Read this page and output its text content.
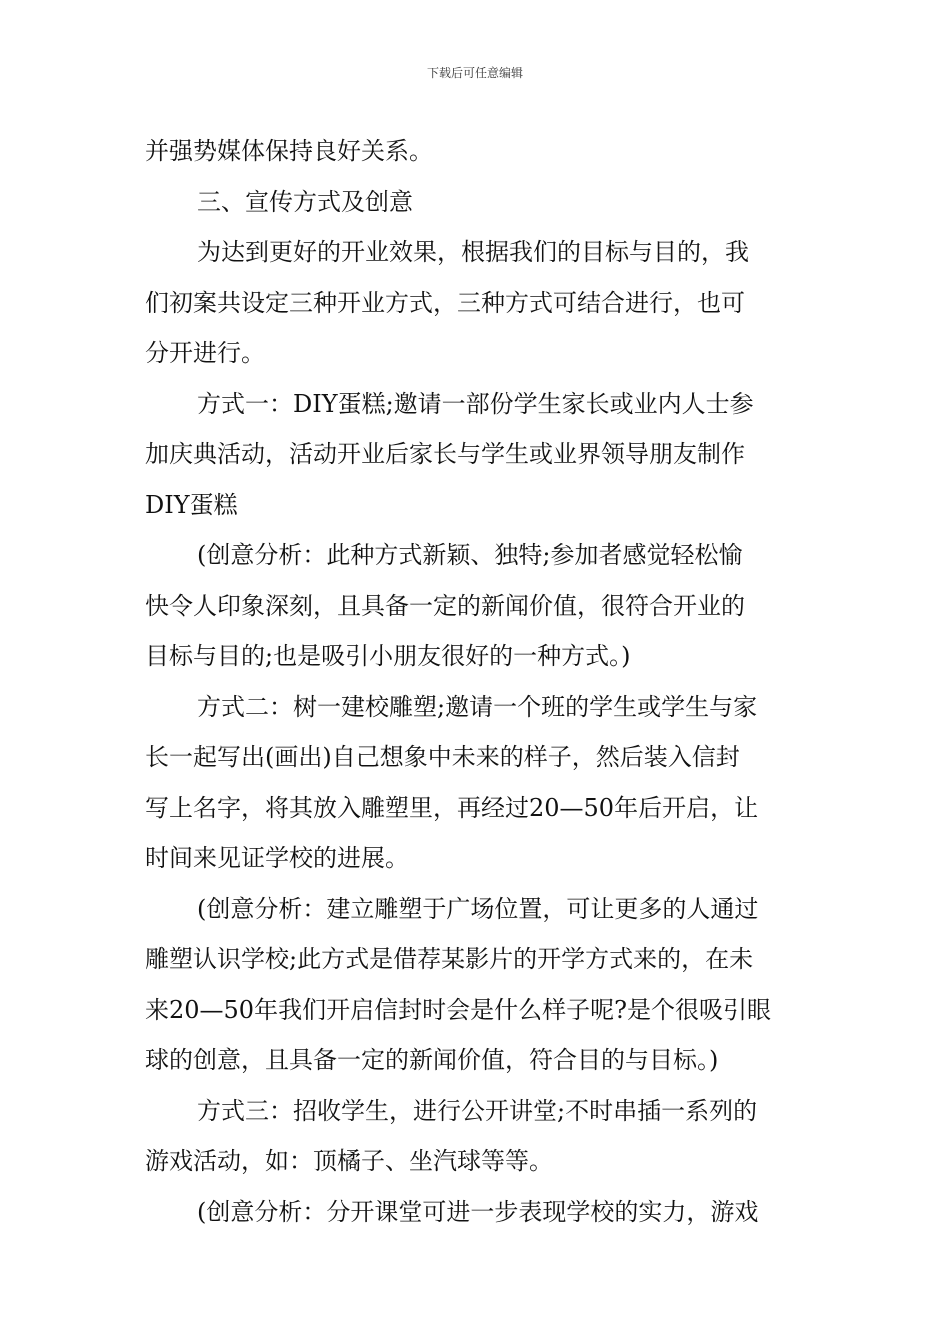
下载后可任意编辑

并强势媒体保持良好关系。

三、宣传方式及创意

为达到更好的开业效果，根据我们的目标与目的，我
们初案共设定三种开业方式，三种方式可结合进行，也可
分开进行。

方式一：DIY蛋糕;邀请一部份学生家长或业内人士参
加庆典活动，活动开业后家长与学生或业界领导朋友制作
DIY蛋糕

(创意分析：此种方式新颖、独特;参加者感觉轻松愉
快令人印象深刻，且具备一定的新闻价值，很符合开业的
目标与目的;也是吸引小朋友很好的一种方式。)

方式二：树一建校雕塑;邀请一个班的学生或学生与家
长一起写出(画出)自己想象中未来的样子，然后装入信封
写上名字，将其放入雕塑里，再经过20—50年后开启，让
时间来见证学校的进展。

(创意分析：建立雕塑于广场位置，可让更多的人通过
雕塑认识学校;此方式是借荐某影片的开学方式来的，在未
来20—50年我们开启信封时会是什么样子呢?是个很吸引眼
球的创意，且具备一定的新闻价值，符合目的与目标。)

方式三：招收学生，进行公开讲堂;不时串插一系列的
游戏活动，如：顶橘子、坐汽球等等。

(创意分析：分开课堂可进一步表现学校的实力，游戏
